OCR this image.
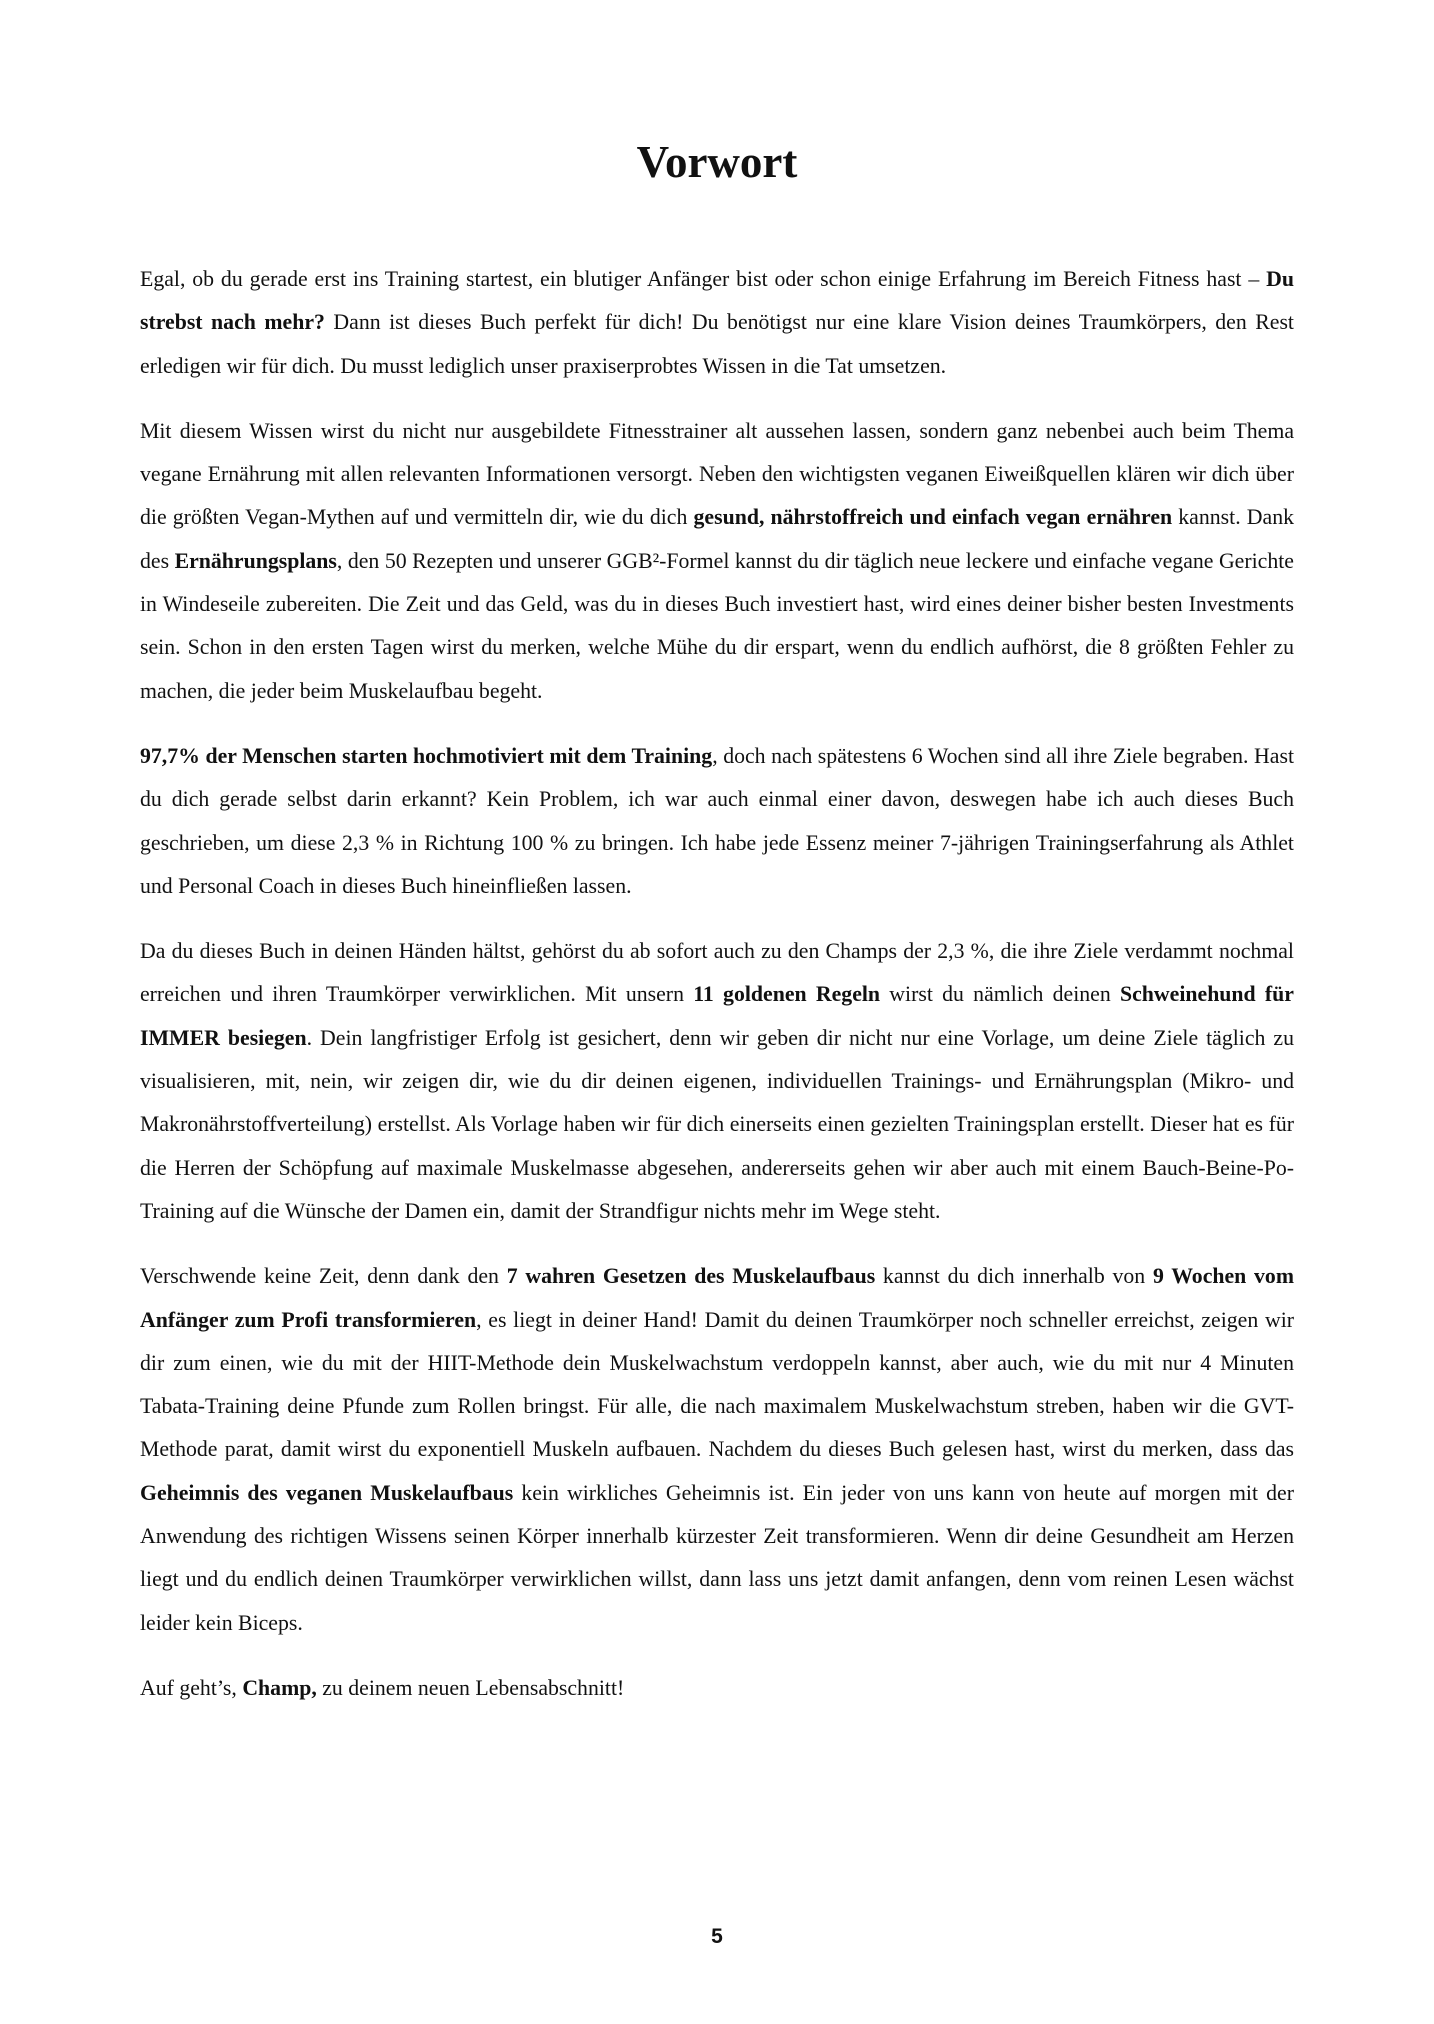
Vorwort

Egal, ob du gerade erst ins Training startest, ein blutiger Anfänger bist oder schon einige Erfahrung im Bereich Fitness hast – Du strebst nach mehr? Dann ist dieses Buch perfekt für dich! Du benötigst nur eine klare Vision deines Traumkörpers, den Rest erledigen wir für dich. Du musst lediglich unser praxiserprobtes Wissen in die Tat umsetzen.

Mit diesem Wissen wirst du nicht nur ausgebildete Fitnesstrainer alt aussehen lassen, sondern ganz nebenbei auch beim Thema vegane Ernährung mit allen relevanten Informationen versorgt. Neben den wichtigsten veganen Eiweißquellen klären wir dich über die größten Vegan-Mythen auf und vermitteln dir, wie du dich gesund, nährstoffreich und einfach vegan ernähren kannst. Dank des Ernährungsplans, den 50 Rezepten und unserer GGB²-Formel kannst du dir täglich neue leckere und einfache vegane Gerichte in Windeseile zubereiten. Die Zeit und das Geld, was du in dieses Buch investiert hast, wird eines deiner bisher besten Investments sein. Schon in den ersten Tagen wirst du merken, welche Mühe du dir erspart, wenn du endlich aufhörst, die 8 größten Fehler zu machen, die jeder beim Muskelaufbau begeht.

97,7% der Menschen starten hochmotiviert mit dem Training, doch nach spätestens 6 Wochen sind all ihre Ziele begraben. Hast du dich gerade selbst darin erkannt? Kein Problem, ich war auch einmal einer davon, deswegen habe ich auch dieses Buch geschrieben, um diese 2,3 % in Richtung 100 % zu bringen. Ich habe jede Essenz meiner 7-jährigen Trainingserfahrung als Athlet und Personal Coach in dieses Buch hineinfließen lassen.

Da du dieses Buch in deinen Händen hältst, gehörst du ab sofort auch zu den Champs der 2,3 %, die ihre Ziele verdammt nochmal erreichen und ihren Traumkörper verwirklichen. Mit unsern 11 goldenen Regeln wirst du nämlich deinen Schweinehund für IMMER besiegen. Dein langfristiger Erfolg ist gesichert, denn wir geben dir nicht nur eine Vorlage, um deine Ziele täglich zu visualisieren, mit, nein, wir zeigen dir, wie du dir deinen eigenen, individuellen Trainings- und Ernährungsplan (Mikro- und Makronährstoffverteilung) erstellst. Als Vorlage haben wir für dich einerseits einen gezielten Trainingsplan erstellt. Dieser hat es für die Herren der Schöpfung auf maximale Muskelmasse abgesehen, andererseits gehen wir aber auch mit einem Bauch-Beine-Po-Training auf die Wünsche der Damen ein, damit der Strandfigur nichts mehr im Wege steht.

Verschwende keine Zeit, denn dank den 7 wahren Gesetzen des Muskelaufbaus kannst du dich innerhalb von 9 Wochen vom Anfänger zum Profi transformieren, es liegt in deiner Hand! Damit du deinen Traumkörper noch schneller erreichst, zeigen wir dir zum einen, wie du mit der HIIT-Methode dein Muskelwachstum verdoppeln kannst, aber auch, wie du mit nur 4 Minuten Tabata-Training deine Pfunde zum Rollen bringst. Für alle, die nach maximalem Muskelwachstum streben, haben wir die GVT- Methode parat, damit wirst du exponentiell Muskeln aufbauen. Nachdem du dieses Buch gelesen hast, wirst du merken, dass das Geheimnis des veganen Muskelaufbaus kein wirkliches Geheimnis ist. Ein jeder von uns kann von heute auf morgen mit der Anwendung des richtigen Wissens seinen Körper innerhalb kürzester Zeit transformieren. Wenn dir deine Gesundheit am Herzen liegt und du endlich deinen Traumkörper verwirklichen willst, dann lass uns jetzt damit anfangen, denn vom reinen Lesen wächst leider kein Biceps.

Auf geht’s, Champ, zu deinem neuen Lebensabschnitt!

5
